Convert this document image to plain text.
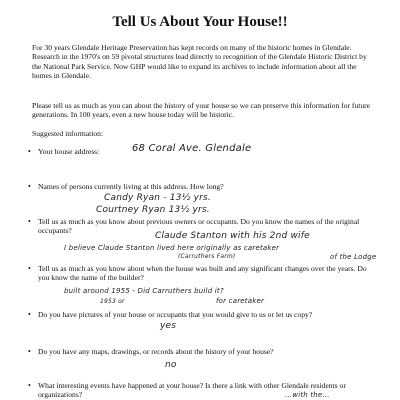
Tell Us About Your House!!

For 30 years Glendale Heritage Preservation has kept records on many of the historic homes in Glendale. Research in the 1970's on 59 pivotal structures lead directly to recognition of the Glendale Historic District by the National Park Service. Now GHP would like to expand its archives to include information about all the homes in Glendale.

Please tell us as much as you can about the history of your house so we can preserve this information for future generations. In 100 years, even a new house today will be historic.

Suggested information:

• Your house address:	68 Coral Ave. Glendale
• Names of persons currently living at this address. How long?
Candy Ryan - 13½ yrs.
Courtney Ryan 13½ yrs.
• Tell us as much as you know about previous owners or occupants. Do you know the names of the original occupants?
Claude Stanton with his 2nd wife
I believe Claude Stanton lived here originally as caretaker
(Carruthers Farm)	of the Lodge
• Tell us as much as you know about when the house was built and any significant changes over the years. Do you know the name of the builder?
built around 1955 - Did Carruthers build it?
1953 or	for caretaker
• Do you have pictures of your house or occupants that you would give to us or let us copy?
yes
• Do you have any maps, drawings, or records about the history of your house?
no
• What interesting events have happened at your house? Is there a link with other Glendale residents or organizations?	...with the...
